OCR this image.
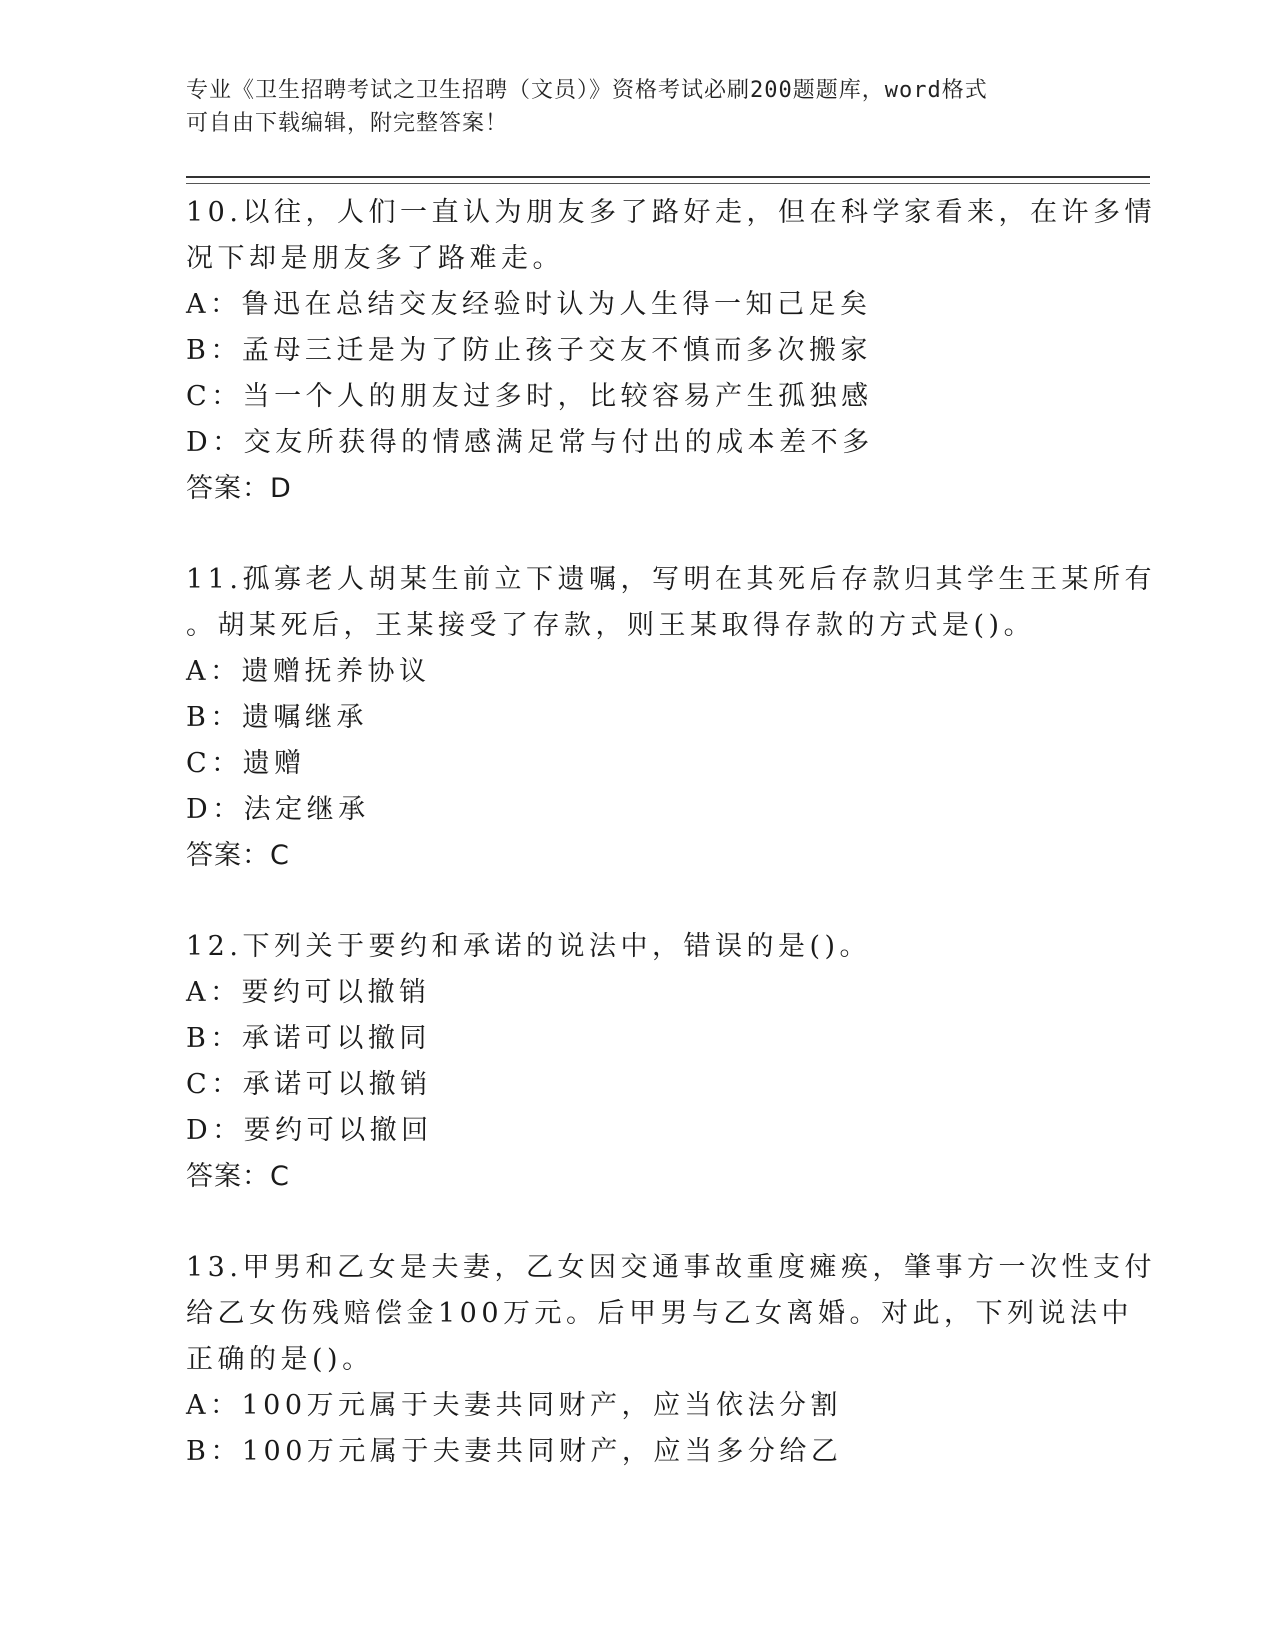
专业《卫生招聘考试之卫生招聘（文员）》资格考试必刷200题题库，word格式
可自由下载编辑，附完整答案！
10.以往，人们一直认为朋友多了路好走，但在科学家看来，在许多情
况下却是朋友多了路难走。
A：鲁迅在总结交友经验时认为人生得一知己足矣
B：孟母三迁是为了防止孩子交友不慎而多次搬家
C：当一个人的朋友过多时，比较容易产生孤独感
D：交友所获得的情感满足常与付出的成本差不多
答案：D
11.孤寡老人胡某生前立下遗嘱，写明在其死后存款归其学生王某所有
。胡某死后，王某接受了存款，则王某取得存款的方式是()。
A：遗赠抚养协议
B：遗嘱继承
C：遗赠
D：法定继承
答案：C
12.下列关于要约和承诺的说法中，错误的是()。
A：要约可以撤销
B：承诺可以撤同
C：承诺可以撤销
D：要约可以撤回
答案：C
13.甲男和乙女是夫妻，乙女因交通事故重度瘫痪，肇事方一次性支付
给乙女伤残赔偿金100万元。后甲男与乙女离婚。对此，下列说法中
正确的是()。
A：100万元属于夫妻共同财产，应当依法分割
B：100万元属于夫妻共同财产，应当多分给乙
